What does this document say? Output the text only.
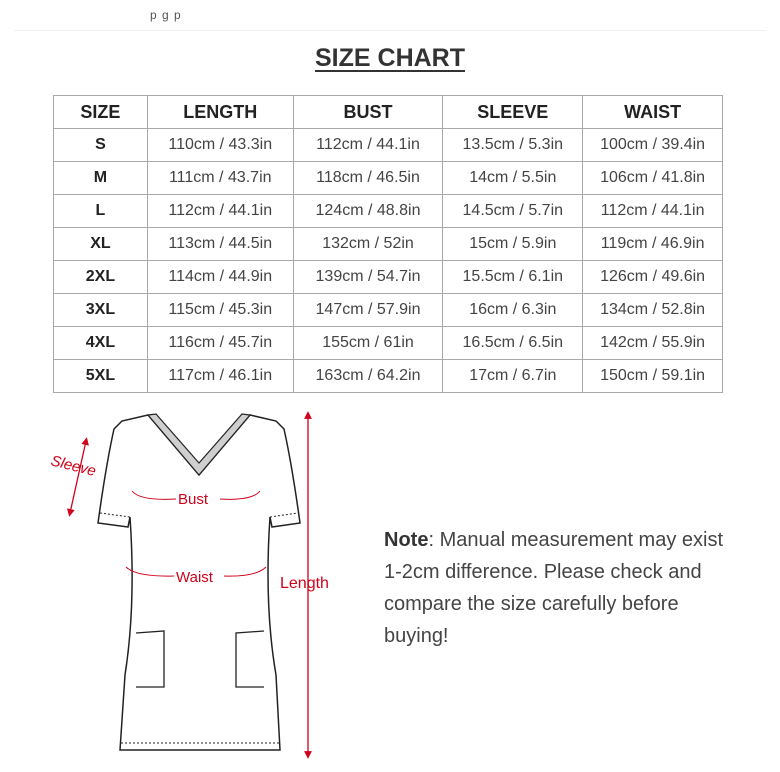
p g p
SIZE CHART
SIZE	LENGTH	BUST	SLEEVE	WAIST
S	110cm / 43.3in	112cm / 44.1in	13.5cm / 5.3in	100cm / 39.4in
M	111cm / 43.7in	118cm / 46.5in	14cm / 5.5in	106cm / 41.8in
L	112cm / 44.1in	124cm / 48.8in	14.5cm / 5.7in	112cm / 44.1in
XL	113cm / 44.5in	132cm / 52in	15cm / 5.9in	119cm / 46.9in
2XL	114cm / 44.9in	139cm / 54.7in	15.5cm / 6.1in	126cm / 49.6in
3XL	115cm / 45.3in	147cm / 57.9in	16cm / 6.3in	134cm / 52.8in
4XL	116cm / 45.7in	155cm / 61in	16.5cm / 6.5in	142cm / 55.9in
5XL	117cm / 46.1in	163cm / 64.2in	17cm / 6.7in	150cm / 59.1in
Bust
Waist
Sleeve
Length
Note: Manual measurement may exist 1-2cm difference. Please check and compare the size carefully before buying!
